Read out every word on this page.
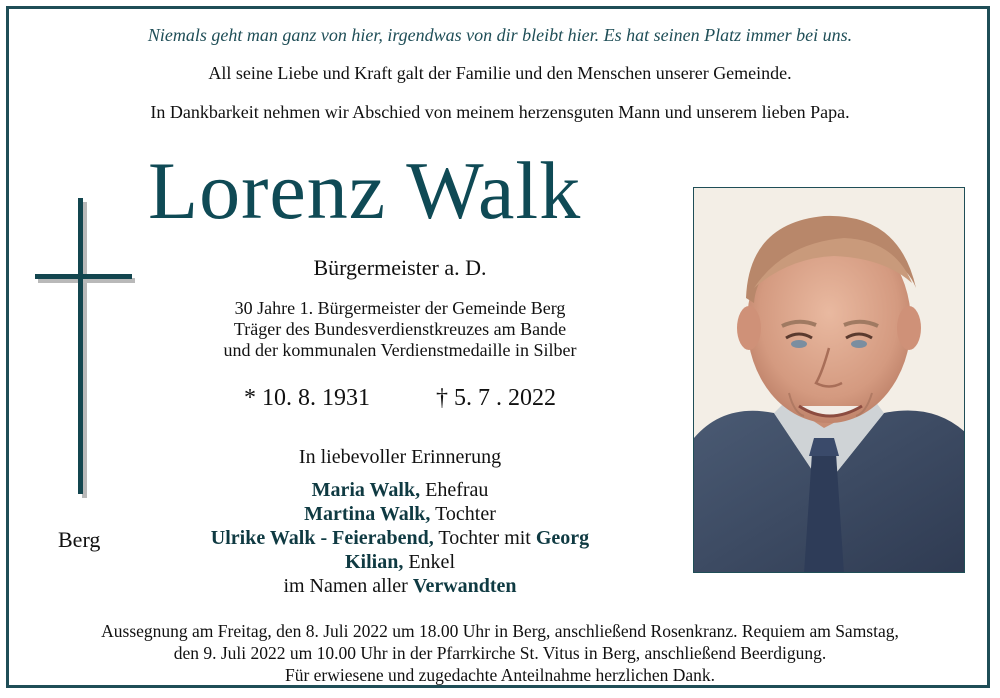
Niemals geht man ganz von hier, irgendwas von dir bleibt hier. Es hat seinen Platz immer bei uns.
All seine Liebe und Kraft galt der Familie und den Menschen unserer Gemeinde.
In Dankbarkeit nehmen wir Abschied von meinem herzensguten Mann und unserem lieben Papa.
Lorenz Walk
Bürgermeister a. D.
30 Jahre 1. Bürgermeister der Gemeinde Berg
Träger des Bundesverdienstkreuzes am Bande
und der kommunalen Verdienstmedaille in Silber
* 10. 8. 1931	† 5. 7 . 2022
In liebevoller Erinnerung
Maria Walk, Ehefrau
Martina Walk, Tochter
Ulrike Walk - Feierabend, Tochter mit Georg
Kilian, Enkel
im Namen aller Verwandten
Berg
Aussegnung am Freitag, den 8. Juli 2022 um 18.00 Uhr in Berg, anschließend Rosenkranz. Requiem am Samstag,
den 9. Juli 2022 um 10.00 Uhr in der Pfarrkirche St. Vitus in Berg, anschließend Beerdigung.
Für erwiesene und zugedachte Anteilnahme herzlichen Dank.
